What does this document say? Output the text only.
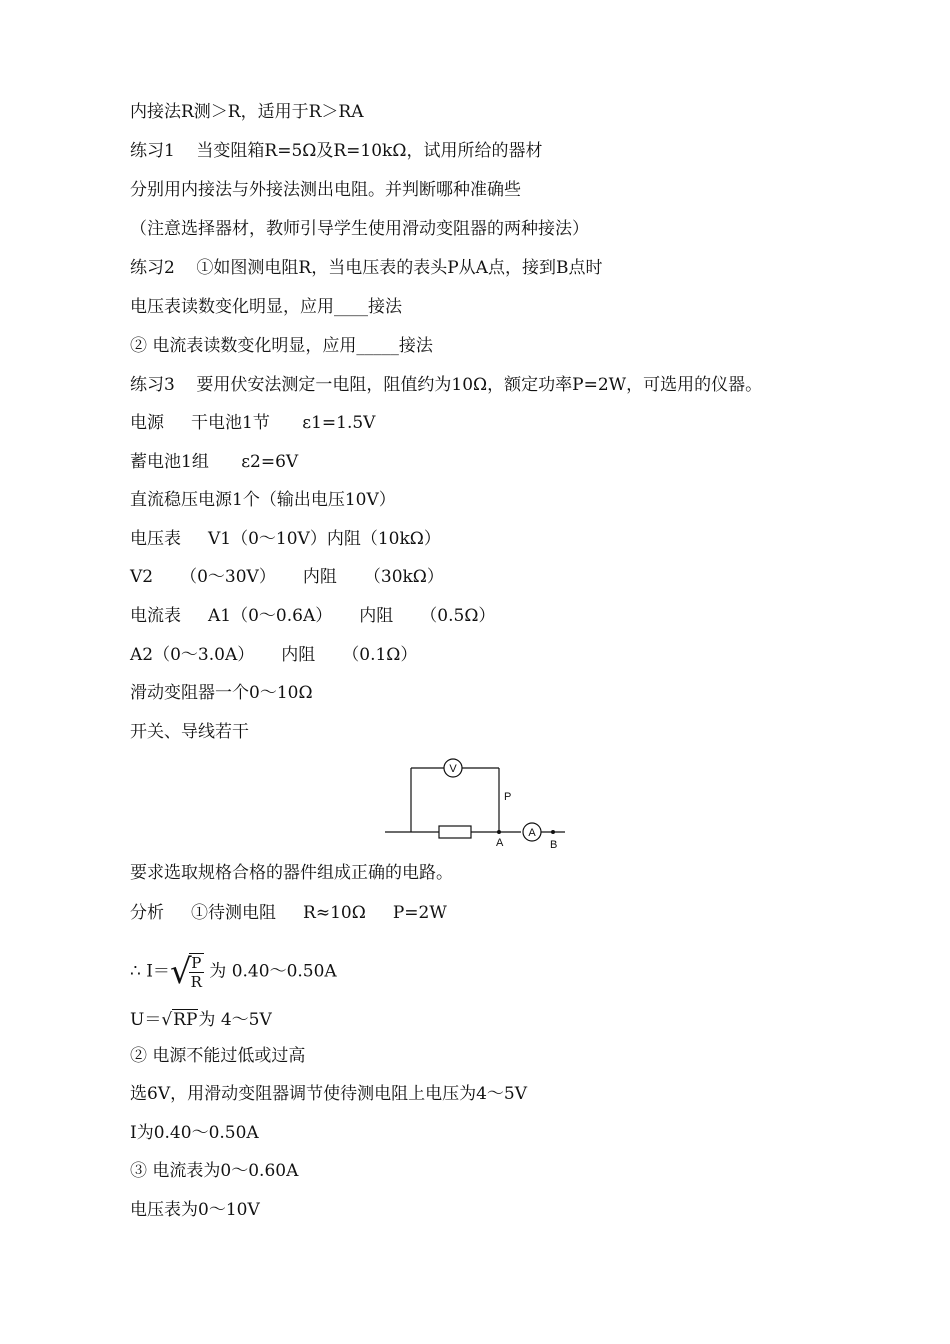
内接法R测＞R，适用于R＞RA
练习1    当变阻箱R=5Ω及R=10kΩ，试用所给的器材
分别用内接法与外接法测出电阻。并判断哪种准确些
（注意选择器材，教师引导学生使用滑动变阻器的两种接法）
练习2    ①如图测电阻R，当电压表的表头P从A点，接到B点时
电压表读数变化明显，应用____接法
② 电流表读数变化明显，应用_____接法
练习3    要用伏安法测定一电阻，阻值约为10Ω，额定功率P=2W，可选用的仪器。
电源     干电池1节      ε1=1.5V
蓄电池1组      ε2=6V
直流稳压电源1个（输出电压10V）
电压表     V1（0～10V）内阻（10kΩ）
V2     （0～30V）     内阻     （30kΩ）
电流表     A1（0～0.6A）     内阻     （0.5Ω）
A2（0～3.0A）     内阻     （0.1Ω）
滑动变阻器一个0～10Ω
开关、导线若干
V
A
P
A	B
要求选取规格合格的器件组成正确的电路。
分析     ①待测电阻     R≈10Ω     P=2W
∴ I＝√
$\frac{P}{R}$ 为 0.40～0.50A
U＝√RP为 4～5V
② 电源不能过低或过高
选6V，用滑动变阻器调节使待测电阻上电压为4～5V
I为0.40～0.50A
③ 电流表为0～0.60A
电压表为0～10V
